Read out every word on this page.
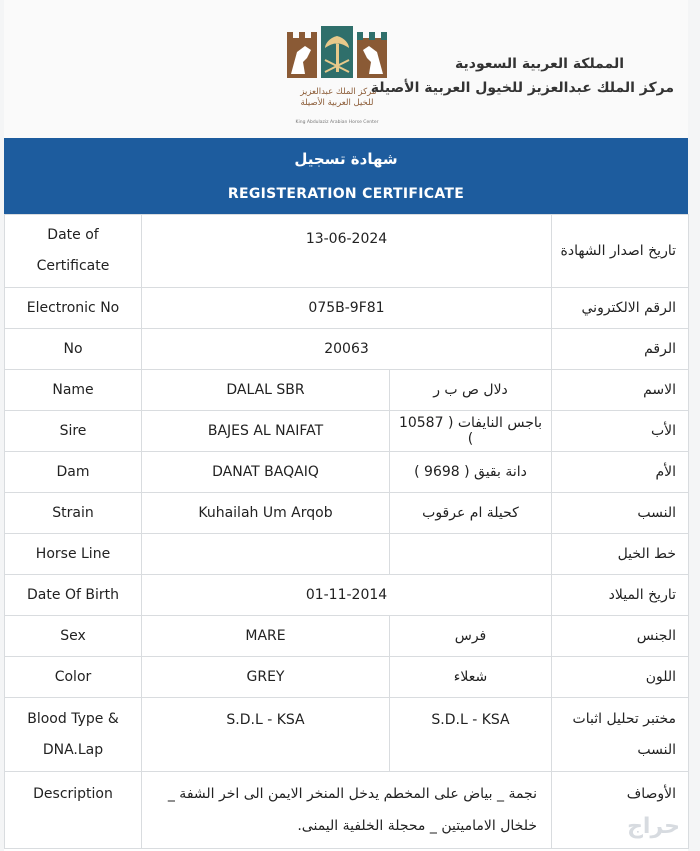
مركز الملك عبدالعزيز للخيل العربية الأصيلة
King Abdulaziz Arabian Horse Center
المملكة العربية السعودية
مركز الملك عبدالعزيز للخيول العربية الأصيلة
شهادة تسجيل
REGISTERATION CERTIFICATE
Date of
Certificate	13-06-2024		تاريخ اصدار الشهادة
Electronic No	075B-9F81		الرقم الالكتروني
No	20063		الرقم
Name	DALAL SBR	دلال ص ب ر	الاسم
Sire	BAJES AL NAIFAT	باجس النايفات ( 10587 )	الأب
Dam	DANAT BAQAIQ	دانة بقيق ( 9698 )	الأم
Strain	Kuhailah Um Arqob	كحيلة ام عرقوب	النسب
Horse Line			خط الخيل
Date Of Birth	01-11-2014		تاريخ الميلاد
Sex	MARE	فرس	الجنس
Color	GREY	شعلاء	اللون
Blood Type &
DNA.Lap	S.D.L - KSA	S.D.L - KSA	مختبر تحليل اثبات النسب
Description	نجمة _ بياض على المخطم يدخل المنخر الايمن الى اخر الشفة _ خلخال الاماميتين _ محجلة الخلفية اليمنى.		الأوصاف
حراج
